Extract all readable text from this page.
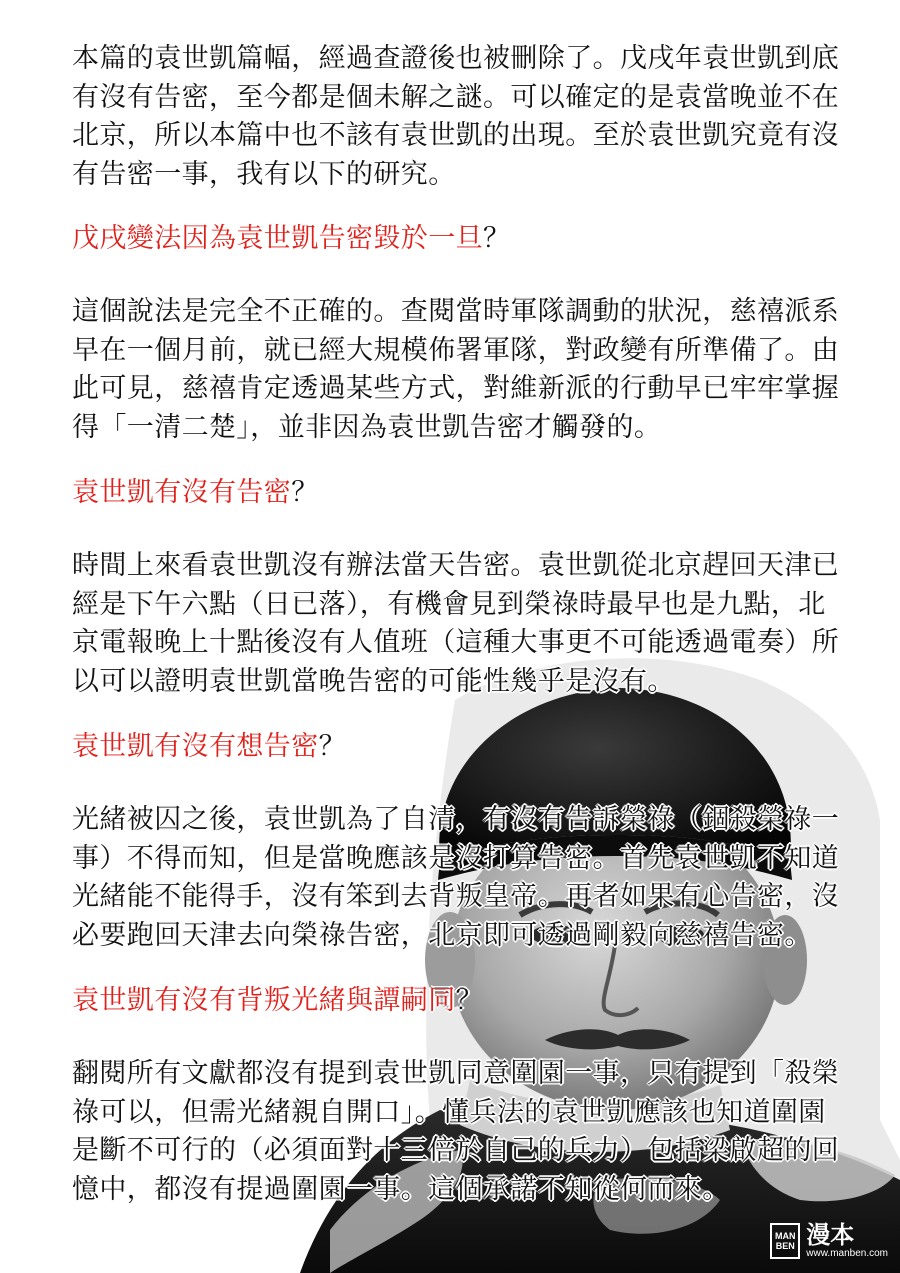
本篇的袁世凱篇幅，經過查證後也被刪除了。戊戌年袁世凱到底有沒有告密，至今都是個未解之謎。可以確定的是袁當晚並不在北京，所以本篇中也不該有袁世凱的出現。至於袁世凱究竟有沒有告密一事，我有以下的研究。

戊戌變法因為袁世凱告密毀於一旦？

這個說法是完全不正確的。查閱當時軍隊調動的狀況，慈禧派系早在一個月前，就已經大規模佈署軍隊，對政變有所準備了。由此可見，慈禧肯定透過某些方式，對維新派的行動早已牢牢掌握得「一清二楚」，並非因為袁世凱告密才觸發的。

袁世凱有沒有告密？

時間上來看袁世凱沒有辦法當天告密。袁世凱從北京趕回天津已經是下午六點（日已落），有機會見到榮祿時最早也是九點，北京電報晚上十點後沒有人值班（這種大事更不可能透過電奏）所以可以證明袁世凱當晚告密的可能性幾乎是沒有。

袁世凱有沒有想告密？

光緒被囚之後，袁世凱為了自清，有沒有告訴榮祿（錮殺榮祿一事）不得而知，但是當晚應該是沒打算告密。首先袁世凱不知道光緒能不能得手，沒有笨到去背叛皇帝。再者如果有心告密，沒必要跑回天津去向榮祿告密，北京即可透過剛毅向慈禧告密。

袁世凱有沒有背叛光緒與譚嗣同？

翻閱所有文獻都沒有提到袁世凱同意圍園一事，只有提到「殺榮祿可以，但需光緒親自開口」。懂兵法的袁世凱應該也知道圍園是斷不可行的（必須面對十三倍於自己的兵力）包括梁啟超的回憶中，都沒有提過圍園一事。這個承諾不知從何而來。

MAN
BEN 漫本
www.manben.com
